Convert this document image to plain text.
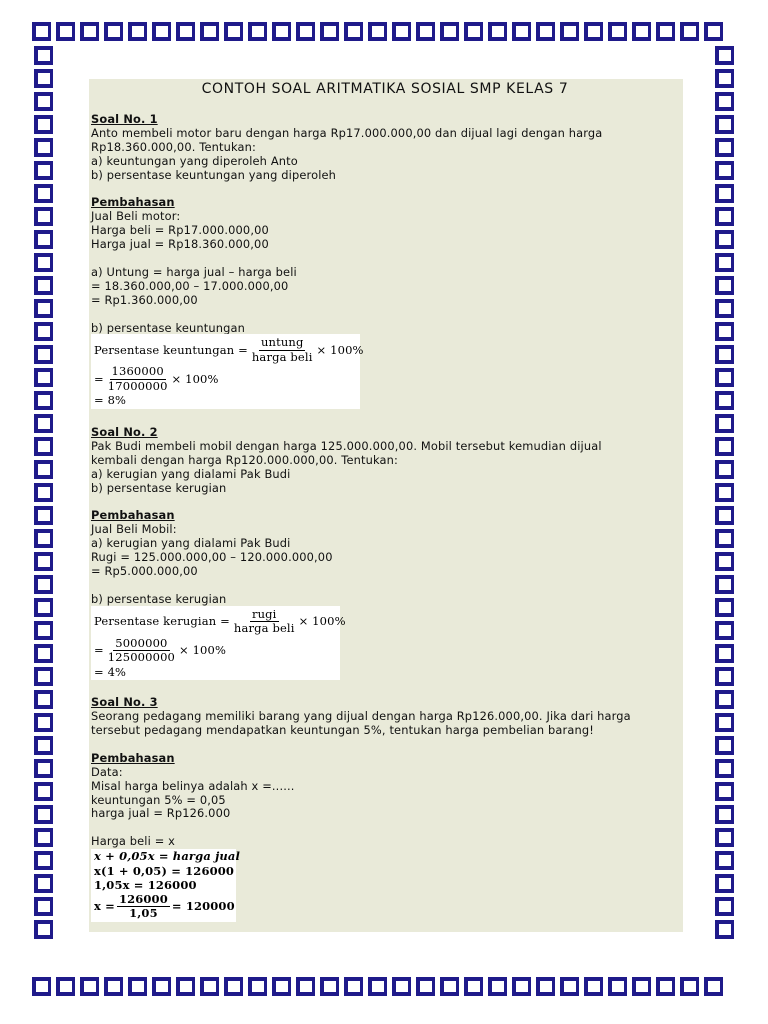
CONTOH SOAL ARITMATIKA SOSIAL SMP KELAS 7
Soal No. 1
Anto membeli motor baru dengan harga Rp17.000.000,00 dan dijual lagi dengan harga
Rp18.360.000,00. Tentukan:
a) keuntungan yang diperoleh Anto
b) persentase keuntungan yang diperoleh
Pembahasan
Jual Beli motor:
Harga beli = Rp17.000.000,00
Harga jual = Rp18.360.000,00
a) Untung = harga jual – harga beli
= 18.360.000,00 – 17.000.000,00
= Rp1.360.000,00
b) persentase keuntungan
Persentase keuntungan = $\frac{\text{untung}}{\text{harga beli}} \times 100\%$
= $\frac{1360000}{17000000} \times 100\%$
= 8%
Soal No. 2
Pak Budi membeli mobil dengan harga 125.000.000,00. Mobil tersebut kemudian dijual
kembali dengan harga Rp120.000.000,00. Tentukan:
a) kerugian yang dialami Pak Budi
b) persentase kerugian
Pembahasan
Jual Beli Mobil:
a) kerugian yang dialami Pak Budi
Rugi = 125.000.000,00 – 120.000.000,00
= Rp5.000.000,00
b) persentase kerugian
Persentase kerugian = $\frac{\text{rugi}}{\text{harga beli}} \times 100\%$
= $\frac{5000000}{125000000} \times 100\%$
= 4%
Soal No. 3
Seorang pedagang memiliki barang yang dijual dengan harga Rp126.000,00. Jika dari harga
tersebut pedagang mendapatkan keuntungan 5%, tentukan harga pembelian barang!
Pembahasan
Data:
Misal harga belinya adalah x =......
keuntungan 5% = 0,05
harga jual = Rp126.000
Harga beli = x
x + 0,05x = harga jual
x(1 + 0,05) = 126000
1,05x = 126000
$x = \frac{126000}{1,05} = 120000$
